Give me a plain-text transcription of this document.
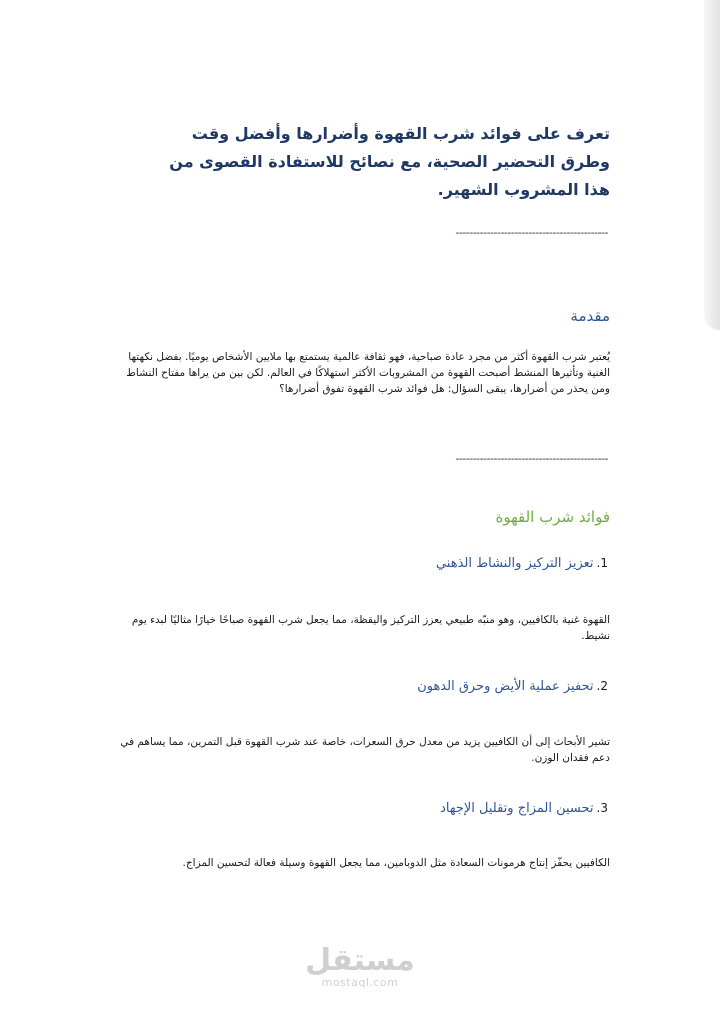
تعرف على فوائد شرب القهوة وأضرارها وأفضل وقت وطرق التحضير الصحية، مع نصائح للاستفادة القصوى من هذا المشروب الشهير.
--------------------------------------------
مقدمة
يُعتبر شرب القهوة أكثر من مجرد عادة صباحية، فهو ثقافة عالمية يستمتع بها ملايين الأشخاص يوميًا. بفضل نكهتها الغنية وتأثيرها المنشط أصبحت القهوة من المشروبات الأكثر استهلاكًا في العالم. لكن بين من يراها مفتاح النشاط ومن يحذر من أضرارها، يبقى السؤال: هل فوائد شرب القهوة تفوق أضرارها؟
--------------------------------------------
فوائد شرب القهوة
1.
تعزيز التركيز والنشاط الذهني
القهوة غنية بالكافيين، وهو منبّه طبيعي يعزز التركيز واليقظة، مما يجعل شرب القهوة صباحًا خيارًا مثاليًا لبدء يوم نشيط.
2.
تحفيز عملية الأيض وحرق الدهون
تشير الأبحاث إلى أن الكافيين يزيد من معدل حرق السعرات، خاصة عند شرب القهوة قبل التمرين، مما يساهم في دعم فقدان الوزن.
3.
تحسين المزاج وتقليل الإجهاد
الكافيين يحفّز إنتاج هرمونات السعادة مثل الدوبامين، مما يجعل القهوة وسيلة فعالة لتحسين المزاج.
مستقل
mostaql.com
